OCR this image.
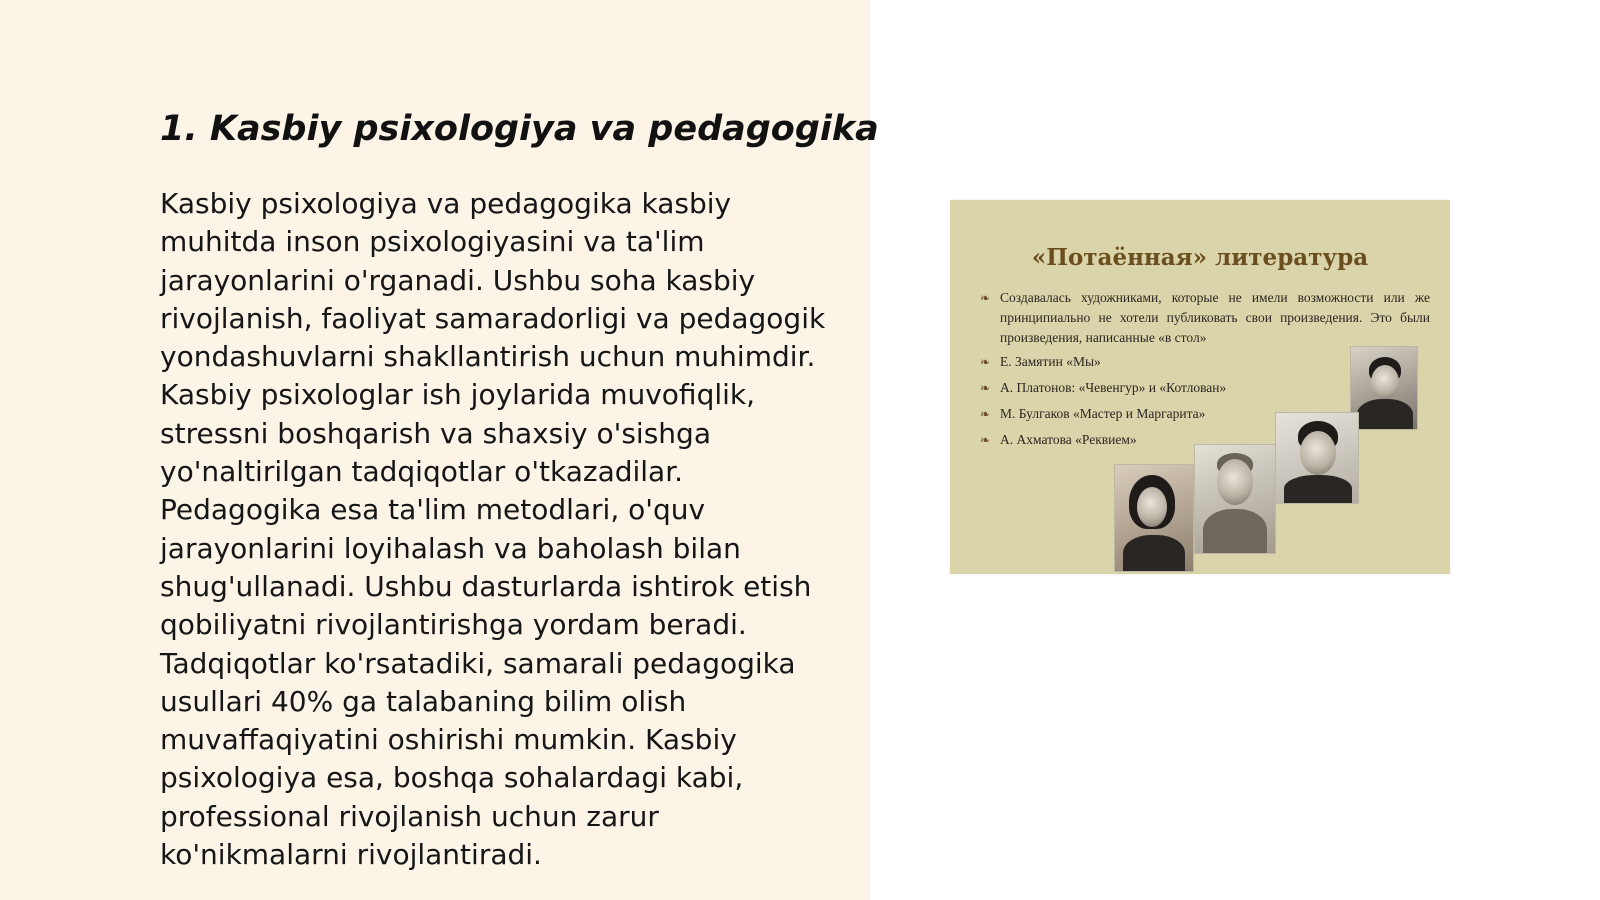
1. Kasbiy psixologiya va pedagogika

Kasbiy psixologiya va pedagogika kasbiy muhitda inson psixologiyasini va ta'lim jarayonlarini o'rganadi. Ushbu soha kasbiy rivojlanish, faoliyat samaradorligi va pedagogik yondashuvlarni shakllantirish uchun muhimdir. Kasbiy psixologlar ish joylarida muvofiqlik, stressni boshqarish va shaxsiy o'sishga yo'naltirilgan tadqiqotlar o'tkazadilar. Pedagogika esa ta'lim metodlari, o'quv jarayonlarini loyihalash va baholash bilan shug'ullanadi. Ushbu dasturlarda ishtirok etish qobiliyatni rivojlantirishga yordam beradi. Tadqiqotlar ko'rsatadiki, samarali pedagogika usullari 40% ga talabaning bilim olish muvaffaqiyatini oshirishi mumkin. Kasbiy psixologiya esa, boshqa sohalardagi kabi, professional rivojlanish uchun zarur ko'nikmalarni rivojlantiradi.

«Потаённая» литература
❧ Создавалась художниками, которые не имели возможности или же принципиально не хотели публиковать свои произведения. Это были произведения, написанные «в стол»
❧ Е. Замятин «Мы»
❧ А. Платонов: «Чевенгур» и «Котлован»
❧ М. Булгаков «Мастер и Маргарита»
❧ А. Ахматова «Реквием»
